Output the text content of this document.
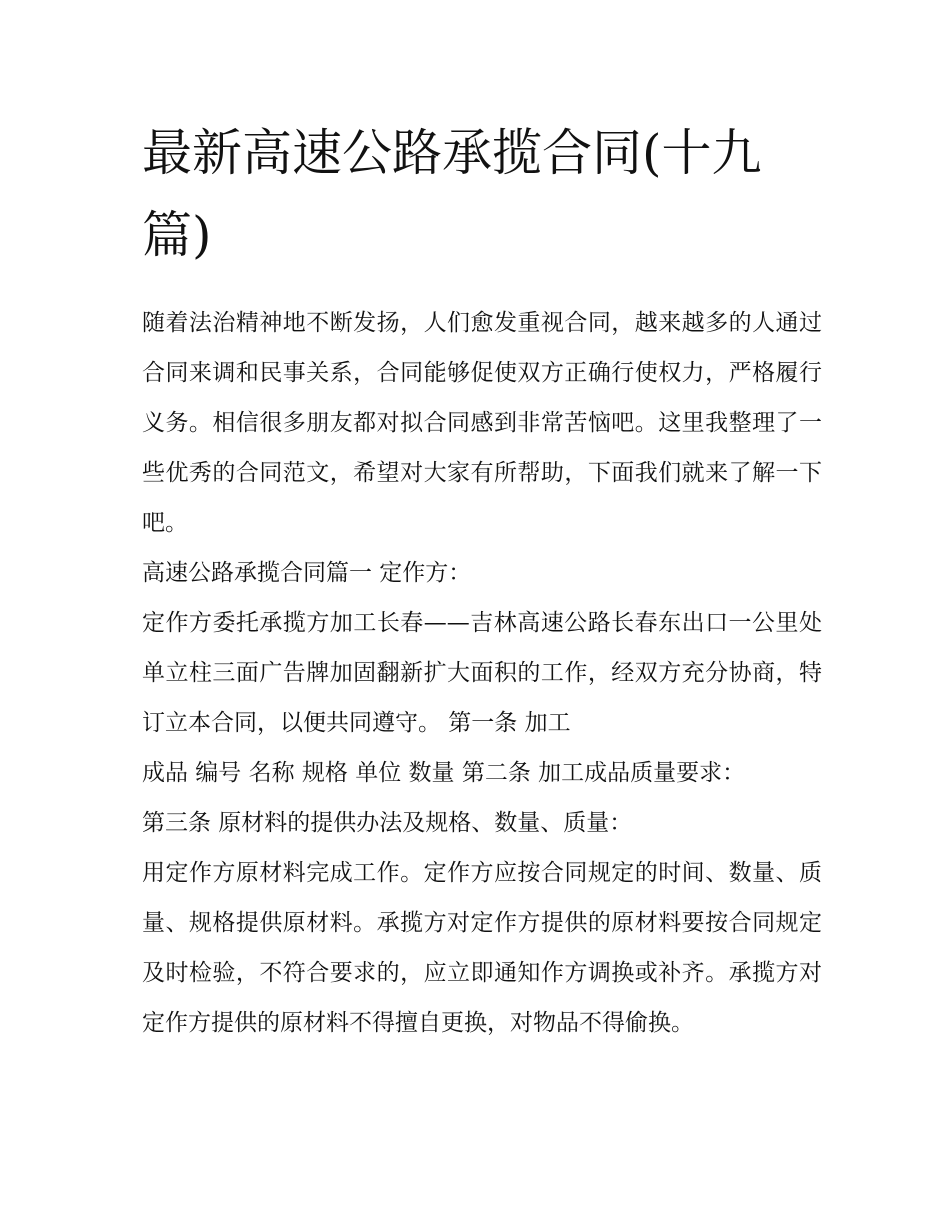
最新高速公路承揽合同(十九篇)

随着法治精神地不断发扬，人们愈发重视合同，越来越多的人通过合同来调和民事关系，合同能够促使双方正确行使权力，严格履行义务。相信很多朋友都对拟合同感到非常苦恼吧。这里我整理了一些优秀的合同范文，希望对大家有所帮助，下面我们就来了解一下吧。

高速公路承揽合同篇一 定作方：

定作方委托承揽方加工长春——吉林高速公路长春东出口一公里处单立柱三面广告牌加固翻新扩大面积的工作，经双方充分协商，特订立本合同，以便共同遵守。 第一条 加工

成品 编号 名称 规格 单位 数量 第二条 加工成品质量要求：

第三条 原材料的提供办法及规格、数量、质量：

用定作方原材料完成工作。定作方应按合同规定的时间、数量、质量、规格提供原材料。承揽方对定作方提供的原材料要按合同规定及时检验，不符合要求的，应立即通知作方调换或补齐。承揽方对定作方提供的原材料不得擅自更换，对物品不得偷换。
